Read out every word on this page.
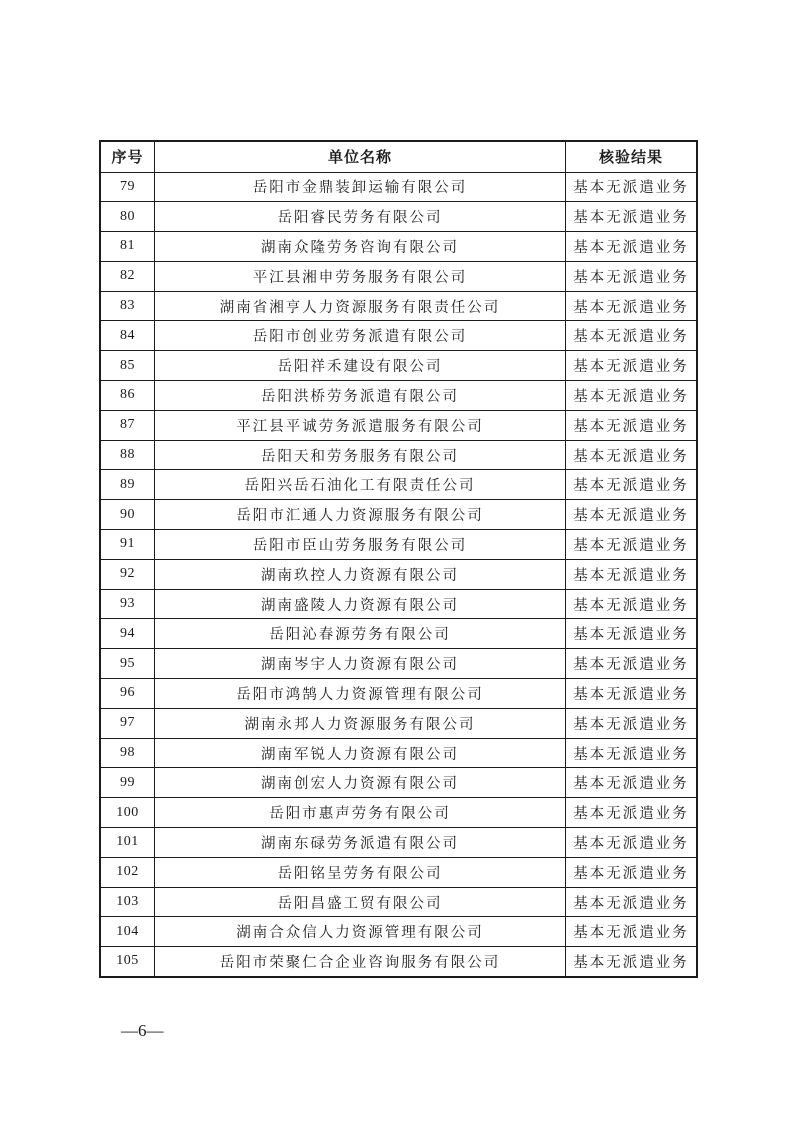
序号	单位名称	核验结果
79	岳阳市金鼎装卸运输有限公司	基本无派遣业务
80	岳阳睿民劳务有限公司	基本无派遣业务
81	湖南众隆劳务咨询有限公司	基本无派遣业务
82	平江县湘申劳务服务有限公司	基本无派遣业务
83	湖南省湘亨人力资源服务有限责任公司	基本无派遣业务
84	岳阳市创业劳务派遣有限公司	基本无派遣业务
85	岳阳祥禾建设有限公司	基本无派遣业务
86	岳阳洪桥劳务派遣有限公司	基本无派遣业务
87	平江县平诚劳务派遣服务有限公司	基本无派遣业务
88	岳阳天和劳务服务有限公司	基本无派遣业务
89	岳阳兴岳石油化工有限责任公司	基本无派遣业务
90	岳阳市汇通人力资源服务有限公司	基本无派遣业务
91	岳阳市臣山劳务服务有限公司	基本无派遣业务
92	湖南玖控人力资源有限公司	基本无派遣业务
93	湖南盛陵人力资源有限公司	基本无派遣业务
94	岳阳沁春源劳务有限公司	基本无派遣业务
95	湖南岑宇人力资源有限公司	基本无派遣业务
96	岳阳市鸿鹄人力资源管理有限公司	基本无派遣业务
97	湖南永邦人力资源服务有限公司	基本无派遣业务
98	湖南军锐人力资源有限公司	基本无派遣业务
99	湖南创宏人力资源有限公司	基本无派遣业务
100	岳阳市惠声劳务有限公司	基本无派遣业务
101	湖南东碌劳务派遣有限公司	基本无派遣业务
102	岳阳铭呈劳务有限公司	基本无派遣业务
103	岳阳昌盛工贸有限公司	基本无派遣业务
104	湖南合众信人力资源管理有限公司	基本无派遣业务
105	岳阳市荣聚仁合企业咨询服务有限公司	基本无派遣业务
—6—
